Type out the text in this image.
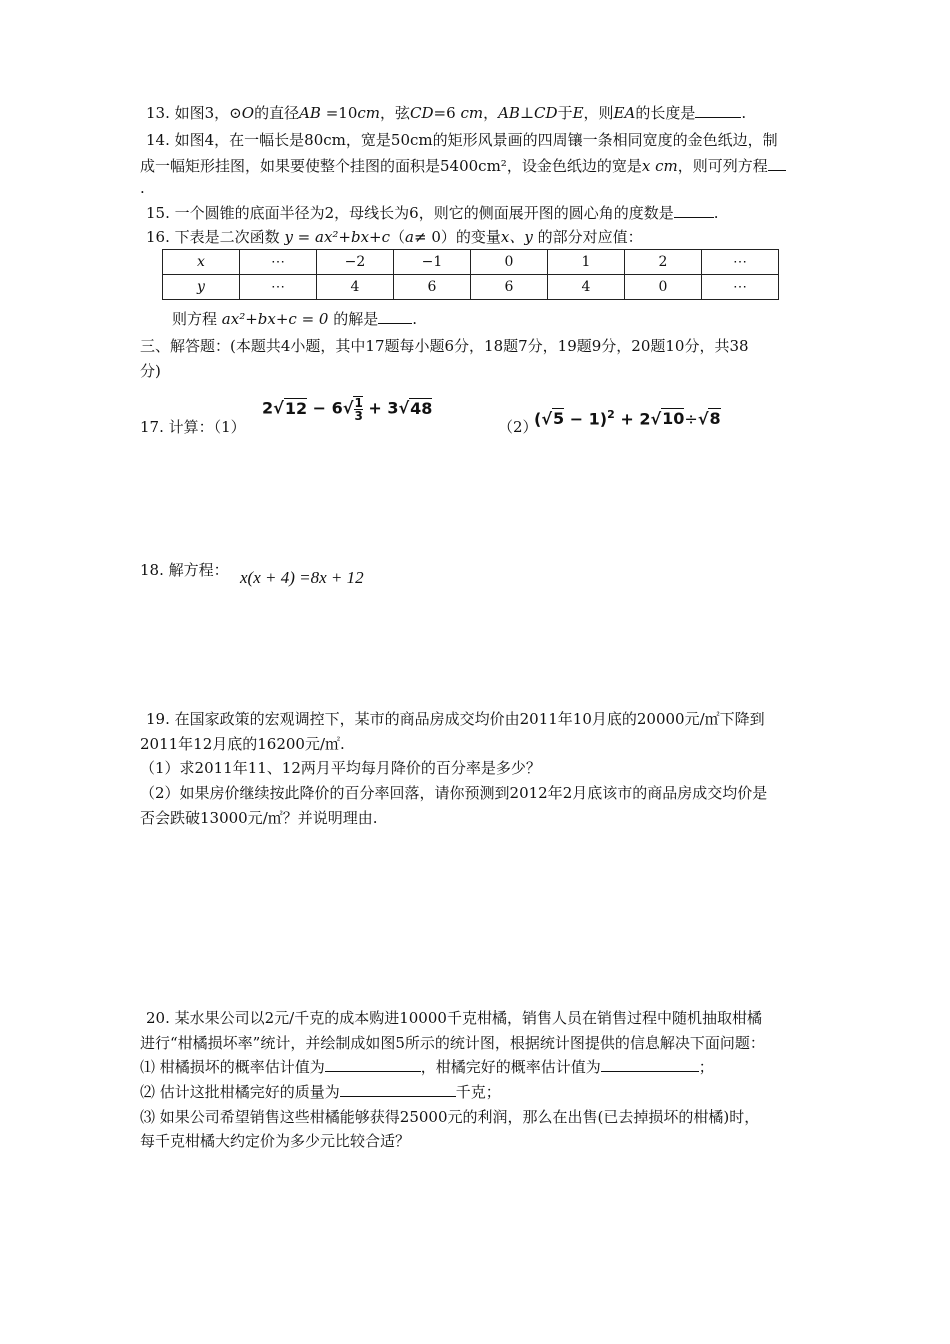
13. 如图3，⊙O的直径AB =10cm，弦CD=6 cm，AB⊥CD于E，则EA的长度是	.
14. 如图4，在一幅长是80cm，宽是50cm的矩形风景画的四周镶一条相同宽度的金色纸边，制
成一幅矩形挂图，如果要使整个挂图的面积是5400cm²，设金色纸边的宽是x cm，则可列方程
.
15. 一个圆锥的底面半径为2，母线长为6，则它的侧面展开图的圆心角的度数是	.
16. 下表是二次函数 y = ax²+bx+c（a≠ 0）的变量x、y 的部分对应值：
x	⋯	−2	−1	0	1	2	⋯
y	⋯	4	6	6	4	0	⋯
则方程 ax²+bx+c = 0 的解是 .
三、解答题：(本题共4小题，其中17题每小题6分，18题7分，19题9分，20题10分，共38
分)
17. 计算：（1）
$2√12 - 6√ \frac{1}{3} + 3√48$
（2）
$(√5 - 1)^2 + 2√10\div√8$
18. 解方程： x(x + 4) =8x + 12
19. 在国家政策的宏观调控下，某市的商品房成交均价由2011年10月底的20000元/㎡下降到
2011年12月底的16200元/㎡.
（1）求2011年11、12两月平均每月降价的百分率是多少？
（2）如果房价继续按此降价的百分率回落，请你预测到2012年2月底该市的商品房成交均价是
否会跌破13000元/㎡？并说明理由.
20. 某水果公司以2元/千克的成本购进10000千克柑橘，销售人员在销售过程中随机抽取柑橘
进行“柑橘损坏率”统计，并绘制成如图5所示的统计图，根据统计图提供的信息解决下面问题：
⑴ 柑橘损坏的概率估计值为	，柑橘完好的概率估计值为	；
⑵ 估计这批柑橘完好的质量为	千克；
⑶ 如果公司希望销售这些柑橘能够获得25000元的利润，那么在出售(已去掉损坏的柑橘)时，
每千克柑橘大约定价为多少元比较合适？
